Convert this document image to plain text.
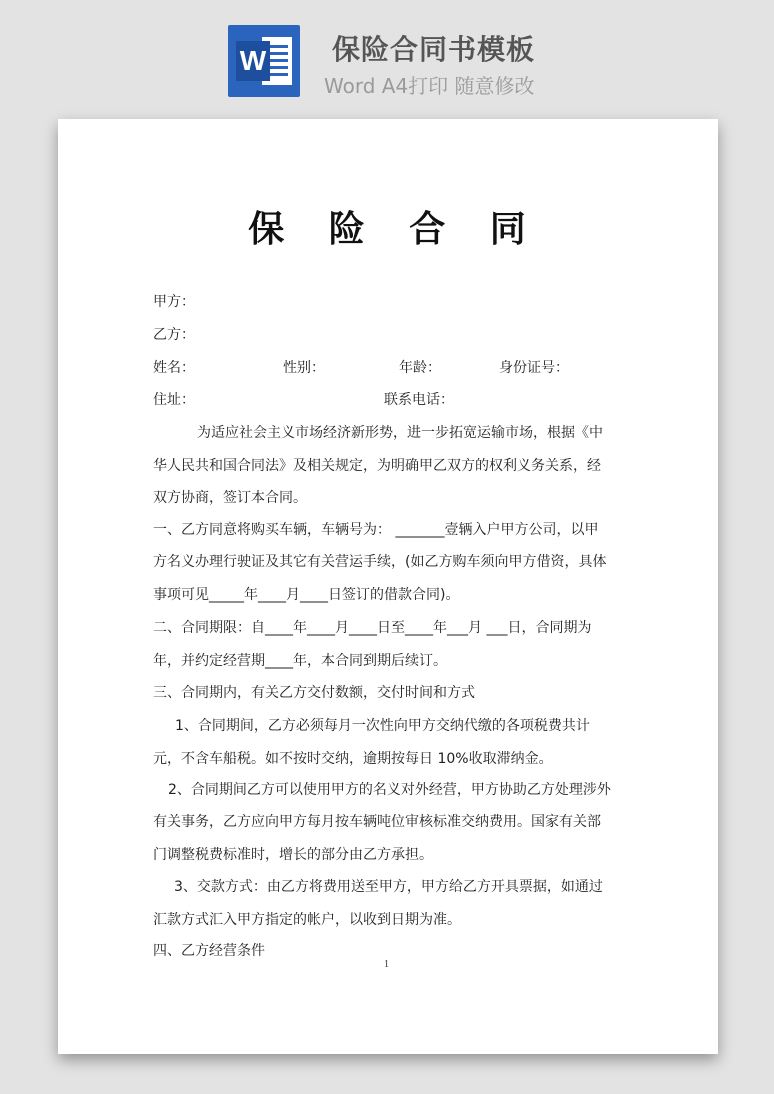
W 保险合同书模板
Word A4打印 随意修改
保 险 合 同
甲方：
乙方：
姓名：	性别：	年龄：	身份证号：
住址：	联系电话：
为适应社会主义市场经济新形势，进一步拓宽运输市场，根据《中
华人民共和国合同法》及相关规定，为明确甲乙双方的权利义务关系，经
双方协商，签订本合同。
一、乙方同意将购买车辆，车辆号为： _______壹辆入户甲方公司，以甲
方名义办理行驶证及其它有关营运手续，(如乙方购车须向甲方借资，具体
事项可见_____年____月____日签订的借款合同)。
二、合同期限：自____年____月____日至____年___月 ___日，合同期为
年，并约定经营期____年，本合同到期后续订。
三、合同期内，有关乙方交付数额，交付时间和方式
1、合同期间，乙方必须每月一次性向甲方交纳代缴的各项税费共计
元，不含车船税。如不按时交纳，逾期按每日 10%收取滞纳金。
2、合同期间乙方可以使用甲方的名义对外经营，甲方协助乙方处理涉外
有关事务，乙方应向甲方每月按车辆吨位审核标准交纳费用。国家有关部
门调整税费标准时，增长的部分由乙方承担。
3、交款方式：由乙方将费用送至甲方，甲方给乙方开具票据，如通过
汇款方式汇入甲方指定的帐户，以收到日期为准。
四、乙方经营条件
1
